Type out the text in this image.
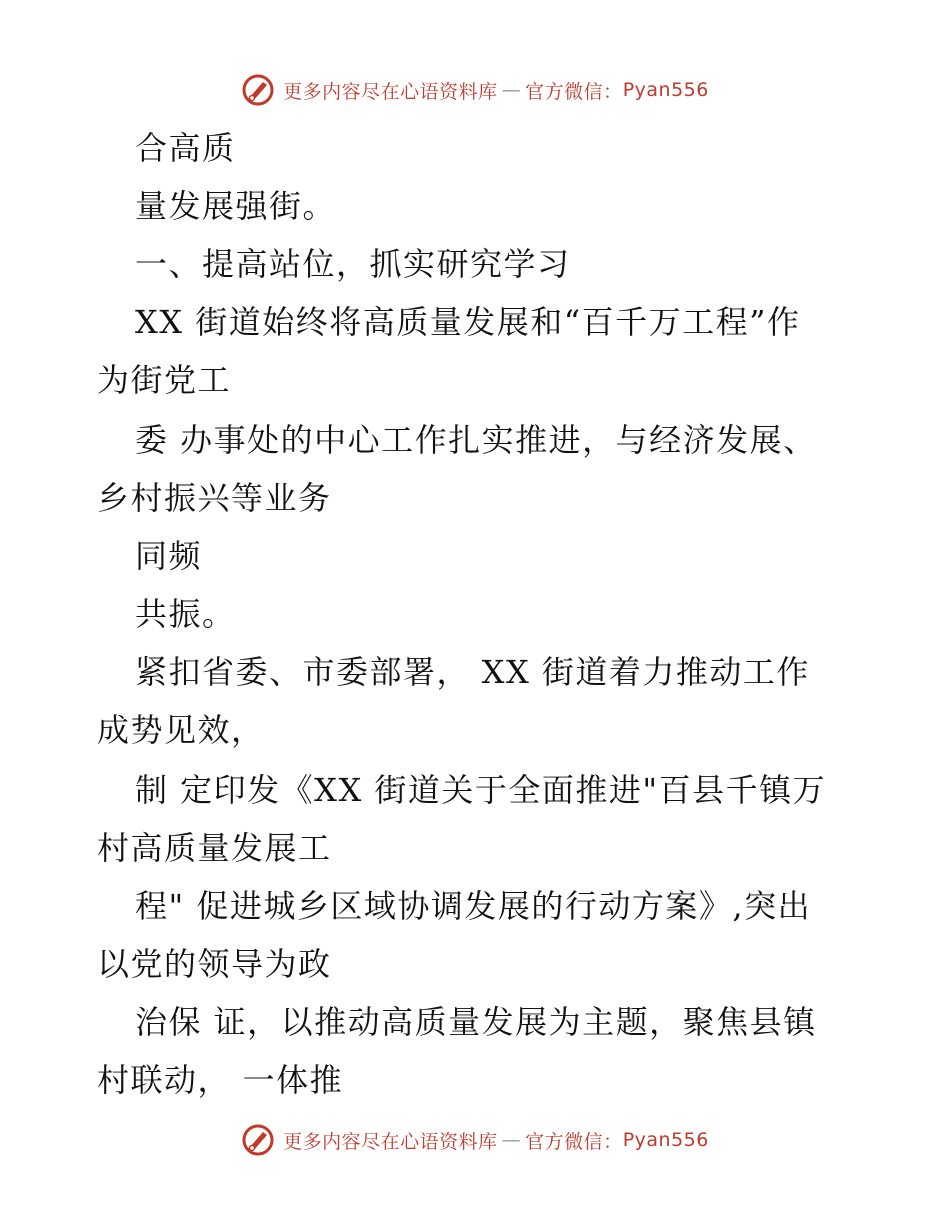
更多内容尽在心语资料库 — 官方微信： Pyan556
合高质
量发展强街。
一、提高站位，抓实研究学习
XX 街道始终将高质量发展和“百千万工程”作
为街党工
委 办事处的中心工作扎实推进，与经济发展、
乡村振兴等业务
同频
共振。
紧扣省委、市委部署， XX 街道着力推动工作
成势见效，
制 定印发《XX 街道关于全面推进"百县千镇万
村高质量发展工
程" 促进城乡区域协调发展的行动方案》,突出
以党的领导为政
治保 证，以推动高质量发展为主题，聚焦县镇
村联动， 一体推
更多内容尽在心语资料库 — 官方微信： Pyan556
